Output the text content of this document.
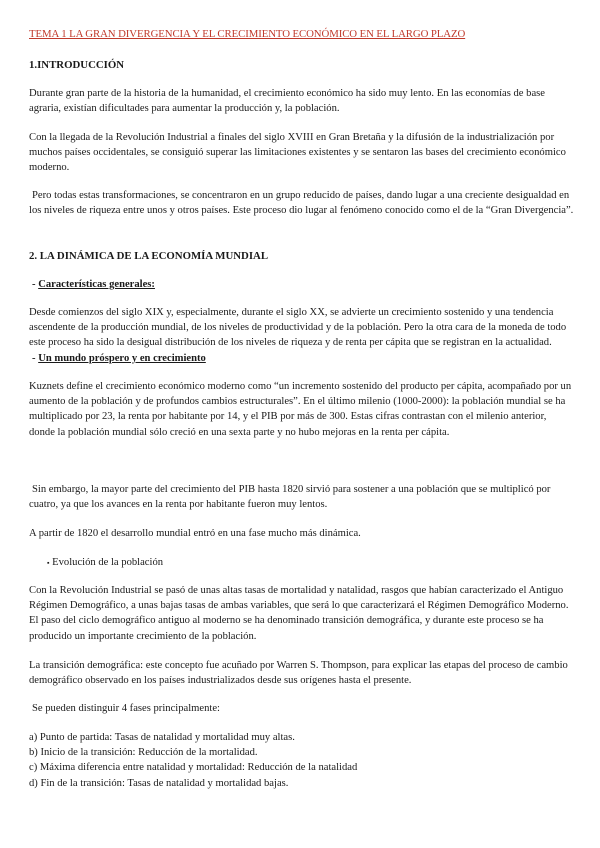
TEMA 1 LA GRAN DIVERGENCIA Y EL CRECIMIENTO ECONÓMICO EN EL LARGO PLAZO
1.INTRODUCCIÓN

Durante gran parte de la historia de la humanidad, el crecimiento económico ha sido muy lento. En las economías de base agraria, existían dificultades para aumentar la producción y, la población.

Con la llegada de la Revolución Industrial a finales del siglo XVIII en Gran Bretaña y la difusión de la industrialización por muchos países occidentales, se consiguió superar las limitaciones existentes y se sentaron las bases del crecimiento económico moderno.

Pero todas estas transformaciones, se concentraron en un grupo reducido de países, dando lugar a una creciente desigualdad en los niveles de riqueza entre unos y otros países. Este proceso dio lugar al fenómeno conocido como el de la “Gran Divergencia”.

2. LA DINÁMICA DE LA ECONOMÍA MUNDIAL
- Características generales:

Desde comienzos del siglo XIX y, especialmente, durante el siglo XX, se advierte un crecimiento sostenido y una tendencia ascendente de la producción mundial, de los niveles de productividad y de la población. Pero la otra cara de la moneda de todo este proceso ha sido la desigual distribución de los niveles de riqueza y de renta per cápita que se registran en la actualidad.

- Un mundo próspero y en crecimiento

Kuznets define el crecimiento económico moderno como “un incremento sostenido del producto per cápita, acompañado por un aumento de la población y de profundos cambios estructurales”. En el último milenio (1000-2000): la población mundial se ha multiplicado por 23, la renta por habitante por 14, y el PIB por más de 300. Estas cifras contrastan con el milenio anterior, donde la población mundial sólo creció en una sexta parte y no hubo mejoras en la renta per cápita.

Sin embargo, la mayor parte del crecimiento del PIB hasta 1820 sirvió para sostener a una población que se multiplicó por cuatro, ya que los avances en la renta por habitante fueron muy lentos.

A partir de 1820 el desarrollo mundial entró en una fase mucho más dinámica.

▪ Evolución de la población

Con la Revolución Industrial se pasó de unas altas tasas de mortalidad y natalidad, rasgos que habían caracterizado el Antiguo Régimen Demográfico, a unas bajas tasas de ambas variables, que será lo que caracterizará el Régimen Demográfico Moderno. El paso del ciclo demográfico antiguo al moderno se ha denominado transición demográfica, y durante este proceso se ha producido un importante crecimiento de la población.

La transición demográfica: este concepto fue acuñado por Warren S. Thompson, para explicar las etapas del proceso de cambio demográfico observado en los países industrializados desde sus orígenes hasta el presente.

Se pueden distinguir 4 fases principalmente:

a) Punto de partida: Tasas de natalidad y mortalidad muy altas.
b) Inicio de la transición: Reducción de la mortalidad.
c) Máxima diferencia entre natalidad y mortalidad: Reducción de la natalidad
d) Fin de la transición: Tasas de natalidad y mortalidad bajas.
